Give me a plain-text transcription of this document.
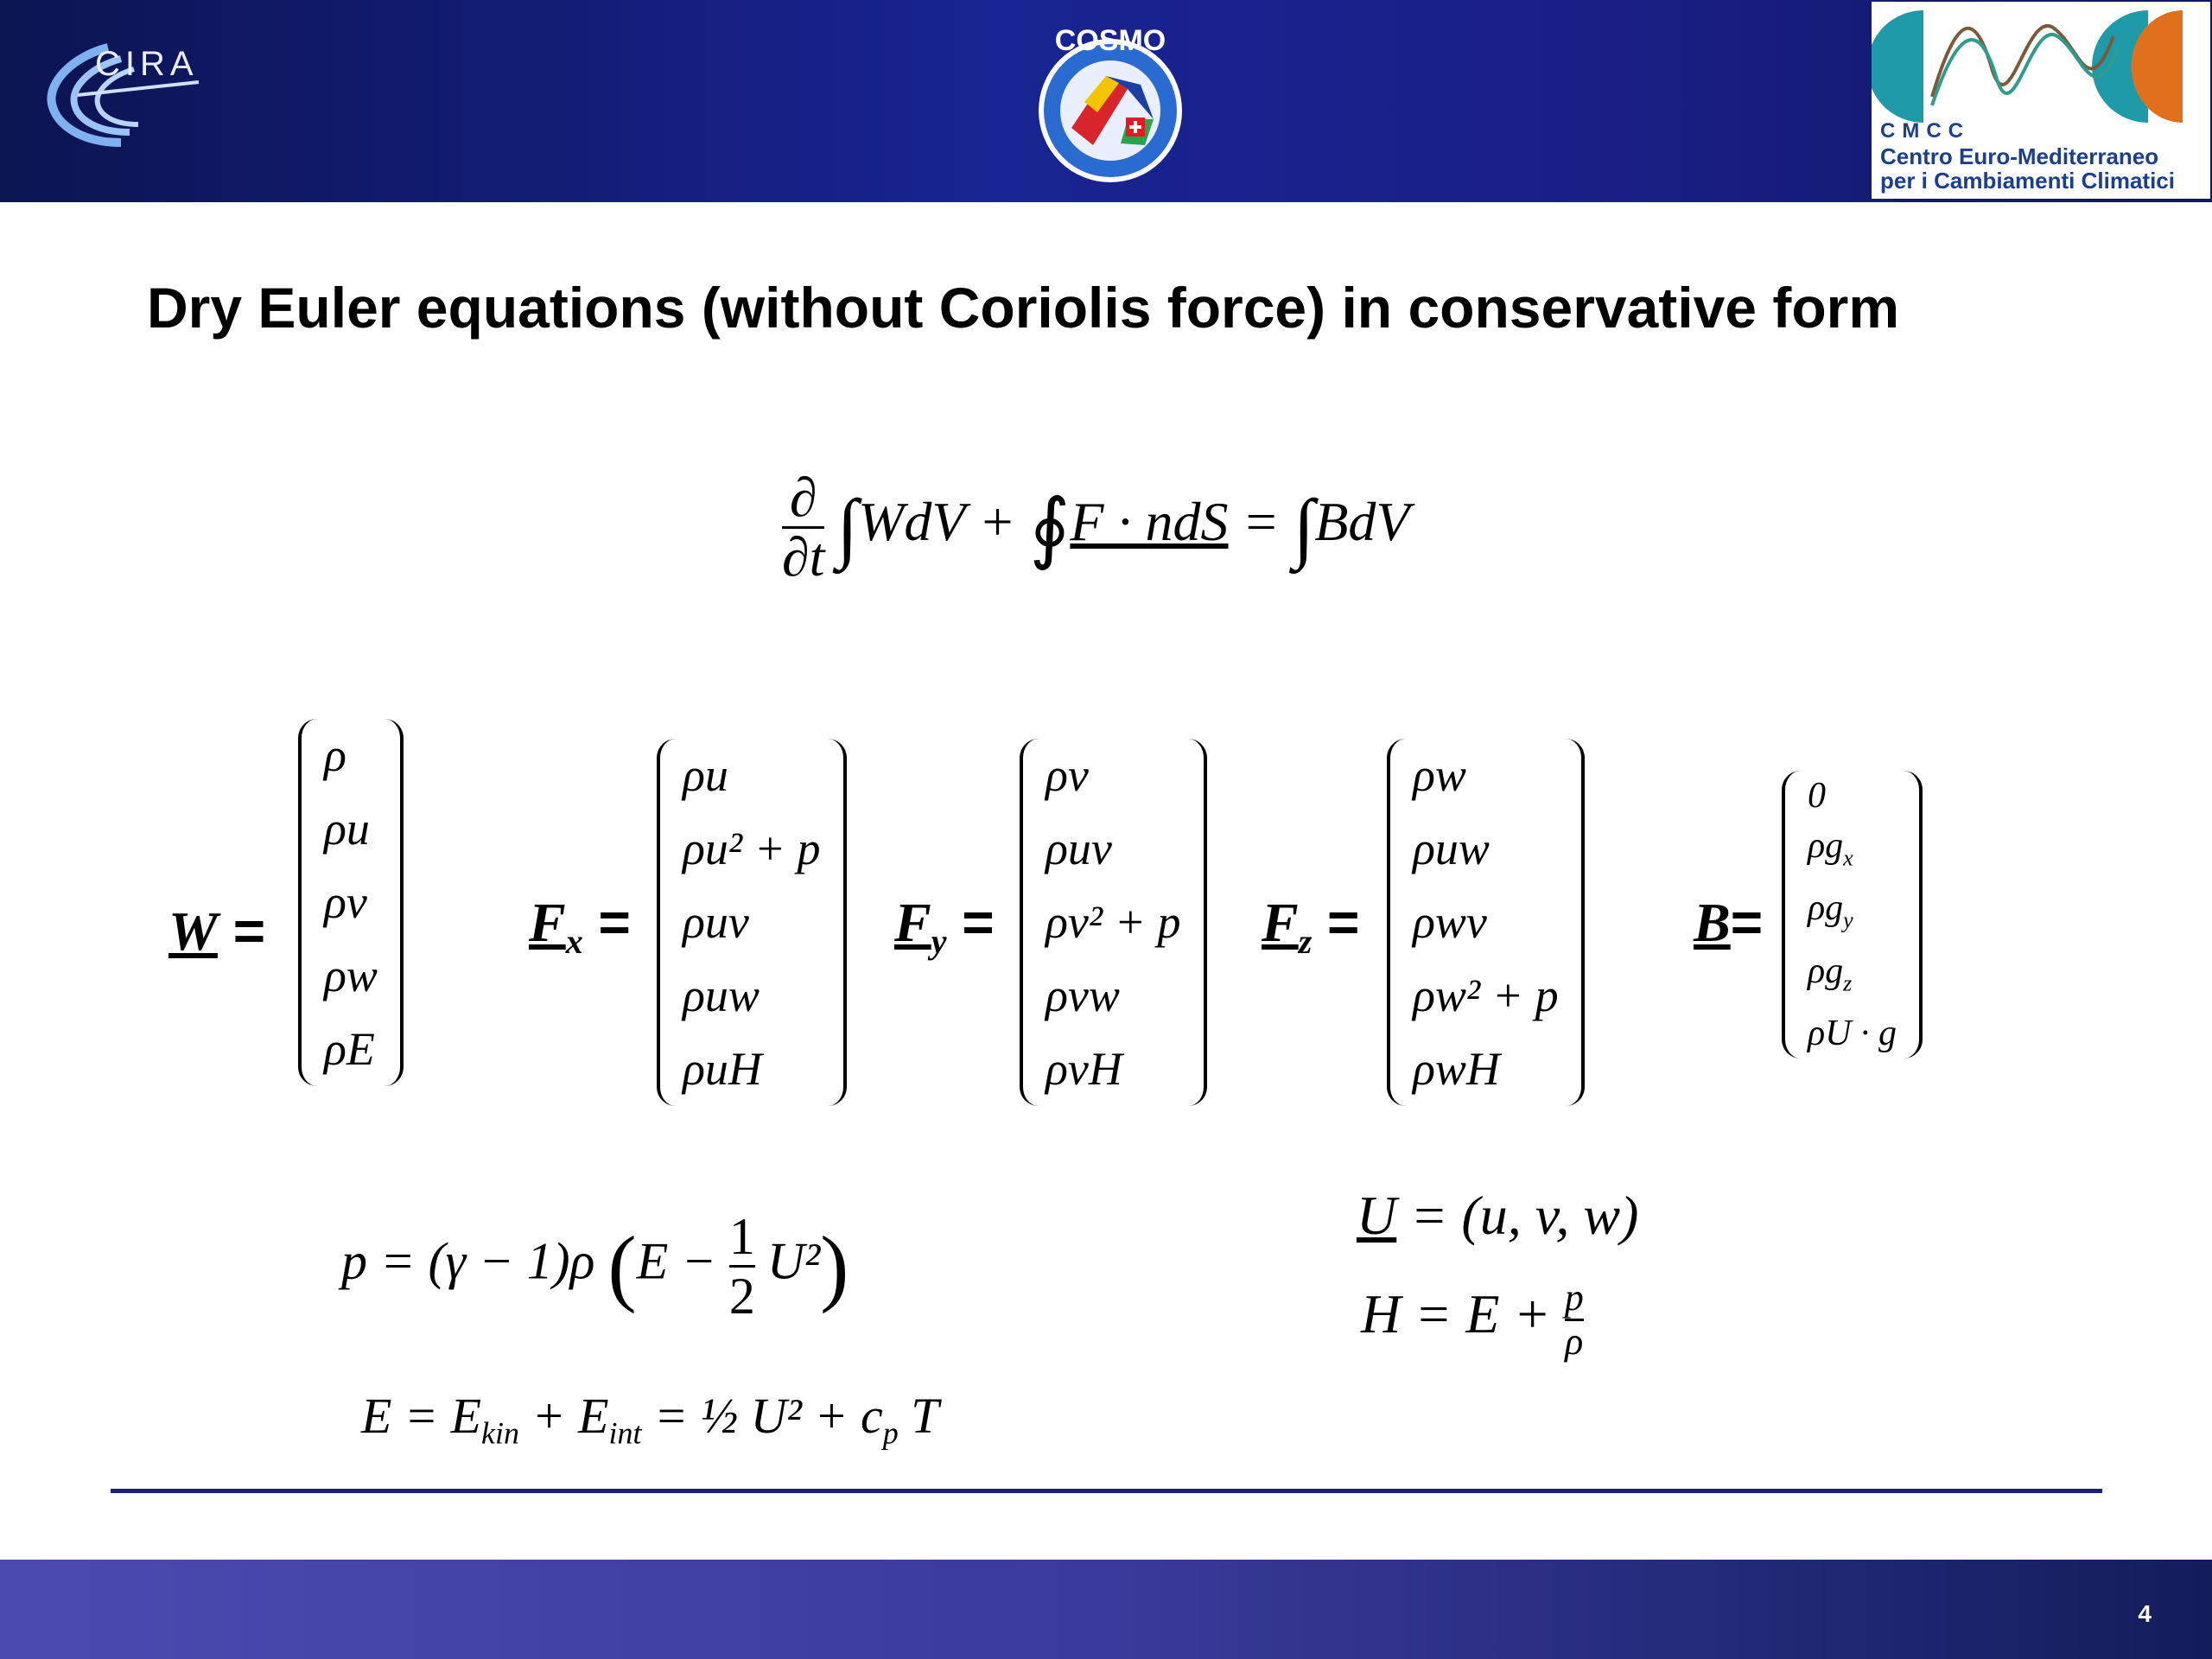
CIRA
COSMO
CMCC
Centro Euro-Mediterraneo
per i Cambiamenti Climatici
Dry Euler equations (without Coriolis force) in conservative form
$\frac{\partial}{\partial t} \int WdV$ + ∮F · ndS = ∫BdV
W =
ρ
ρu
ρv
ρw
ρE
$F_x$ =
ρu
ρu² + p
ρuv
ρuw
ρuH
$F_y$ =
ρv
ρuv
ρv² + p
ρvw
ρvH
$F_z$ =
ρw
ρuw
ρwv
ρw² + p
ρwH
B=
0
$\rho g_x$
$\rho g_y$
$\rho g_z$
ρU · g
p = (γ − 1)ρ $(E - \frac{1}{2} U^2)$
$E = E_{kin} + E_{int}$ = ½ $U^2 + c_p$ T
U = (u, v, w)
$H = E + \frac{p}{\rho}$
4
